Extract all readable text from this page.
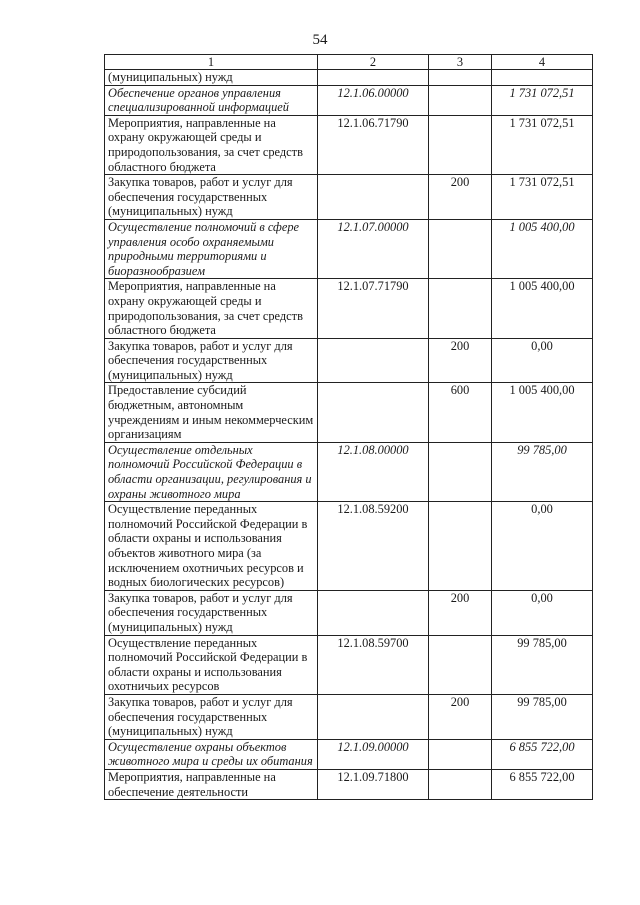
54
1	2	3	4
(муниципальных) нужд			
Обеспечение органов управления специализированной информацией	12.1.06.00000		1 731 072,51
Мероприятия, направленные на охрану окружающей среды и природопользования, за счет средств областного бюджета	12.1.06.71790		1 731 072,51
Закупка товаров, работ и услуг для обеспечения государственных (муниципальных) нужд		200	1 731 072,51
Осуществление полномочий в сфере управления особо охраняемыми природными территориями и биоразнообразием	12.1.07.00000		1 005 400,00
Мероприятия, направленные на охрану окружающей среды и природопользования, за счет средств областного бюджета	12.1.07.71790		1 005 400,00
Закупка товаров, работ и услуг для обеспечения государственных (муниципальных) нужд		200	0,00
Предоставление субсидий бюджетным, автономным учреждениям и иным некоммерческим организациям		600	1 005 400,00
Осуществление отдельных полномочий Российской Федерации в области организации, регулирования и охраны животного мира	12.1.08.00000		99 785,00
Осуществление переданных полномочий Российской Федерации в области охраны и использования объектов животного мира (за исключением охотничьих ресурсов и водных биологических ресурсов)	12.1.08.59200		0,00
Закупка товаров, работ и услуг для обеспечения государственных (муниципальных) нужд		200	0,00
Осуществление переданных полномочий Российской Федерации в области охраны и использования охотничьих ресурсов	12.1.08.59700		99 785,00
Закупка товаров, работ и услуг для обеспечения государственных (муниципальных) нужд		200	99 785,00
Осуществление охраны объектов животного мира и среды их обитания	12.1.09.00000		6 855 722,00
Мероприятия, направленные на обеспечение деятельности	12.1.09.71800		6 855 722,00
